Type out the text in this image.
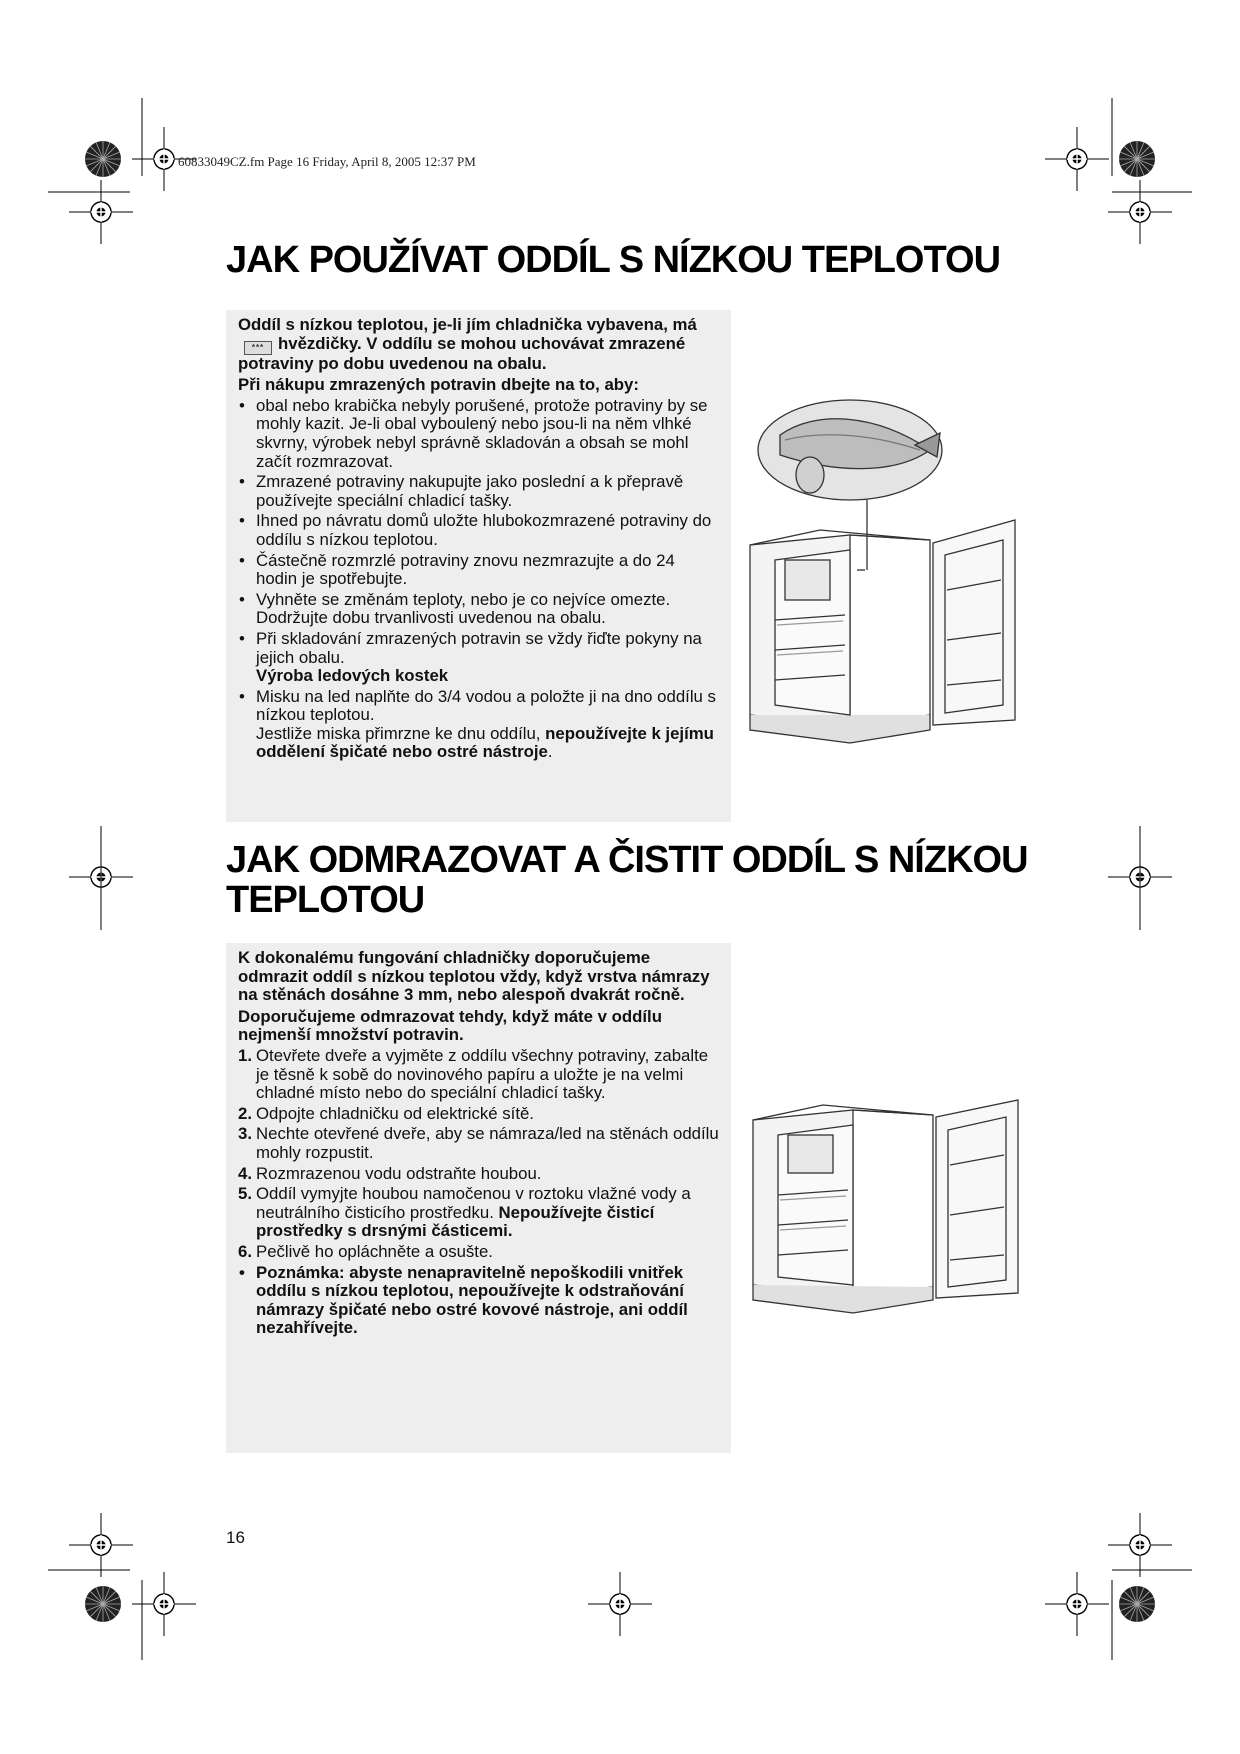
60833049CZ.fm Page 16 Friday, April 8, 2005 12:37 PM
JAK POUŽÍVAT ODDÍL S NÍZKOU TEPLOTOU
Oddíl s nízkou teplotou, je-li jím chladnička vybavena, má*** hvězdičky. V oddílu se mohou uchovávat zmrazené potraviny po dobu uvedenou na obalu.
Při nákupu zmrazených potravin dbejte na to, aby:
• obal nebo krabička nebyly porušené, protože potraviny by se mohly kazit. Je-li obal vyboulený nebo jsou-li na něm vlhké skvrny, výrobek nebyl správně skladován a obsah se mohl začít rozmrazovat.
• Zmrazené potraviny nakupujte jako poslední a k přepravě používejte speciální chladicí tašky.
• Ihned po návratu domů uložte hlubokozmrazené potraviny do oddílu s nízkou teplotou.
• Částečně rozmrzlé potraviny znovu nezmrazujte a do 24 hodin je spotřebujte.
• Vyhněte se změnám teploty, nebo je co nejvíce omezte. Dodržujte dobu trvanlivosti uvedenou na obalu.
• Při skladování zmrazených potravin se vždy řiďte pokyny na jejich obalu.
Výroba ledových kostek
• Misku na led naplňte do 3/4 vodou a položte ji na dno oddílu s nízkou teplotou.
Jestliže miska přimrzne ke dnu oddílu, nepoužívejte k jejímu oddělení špičaté nebo ostré nástroje.
JAK ODMRAZOVAT A ČISTIT ODDÍL S NÍZKOU
TEPLOTOU
K dokonalému fungování chladničky doporučujeme odmrazit oddíl s nízkou teplotou vždy, když vrstva námrazy na stěnách dosáhne 3 mm, nebo alespoň dvakrát ročně.
Doporučujeme odmrazovat tehdy, když máte v oddílu nejmenší množství potravin.
1. Otevřete dveře a vyjměte z oddílu všechny potraviny, zabalte je těsně k sobě do novinového papíru a uložte je na velmi chladné místo nebo do speciální chladicí tašky.
2. Odpojte chladničku od elektrické sítě.
3. Nechte otevřené dveře, aby se námraza/led na stěnách oddílu mohly rozpustit.
4. Rozmrazenou vodu odstraňte houbou.
5. Oddíl vymyjte houbou namočenou v roztoku vlažné vody a neutrálního čisticího prostředku. Nepoužívejte čisticí prostředky s drsnými částicemi.
6. Pečlivě ho opláchněte a osušte.
• Poznámka: abyste nenapravitelně nepoškodili vnitřek oddílu s nízkou teplotou, nepoužívejte k odstraňování námrazy špičaté nebo ostré kovové nástroje, ani oddíl nezahřívejte.
16
